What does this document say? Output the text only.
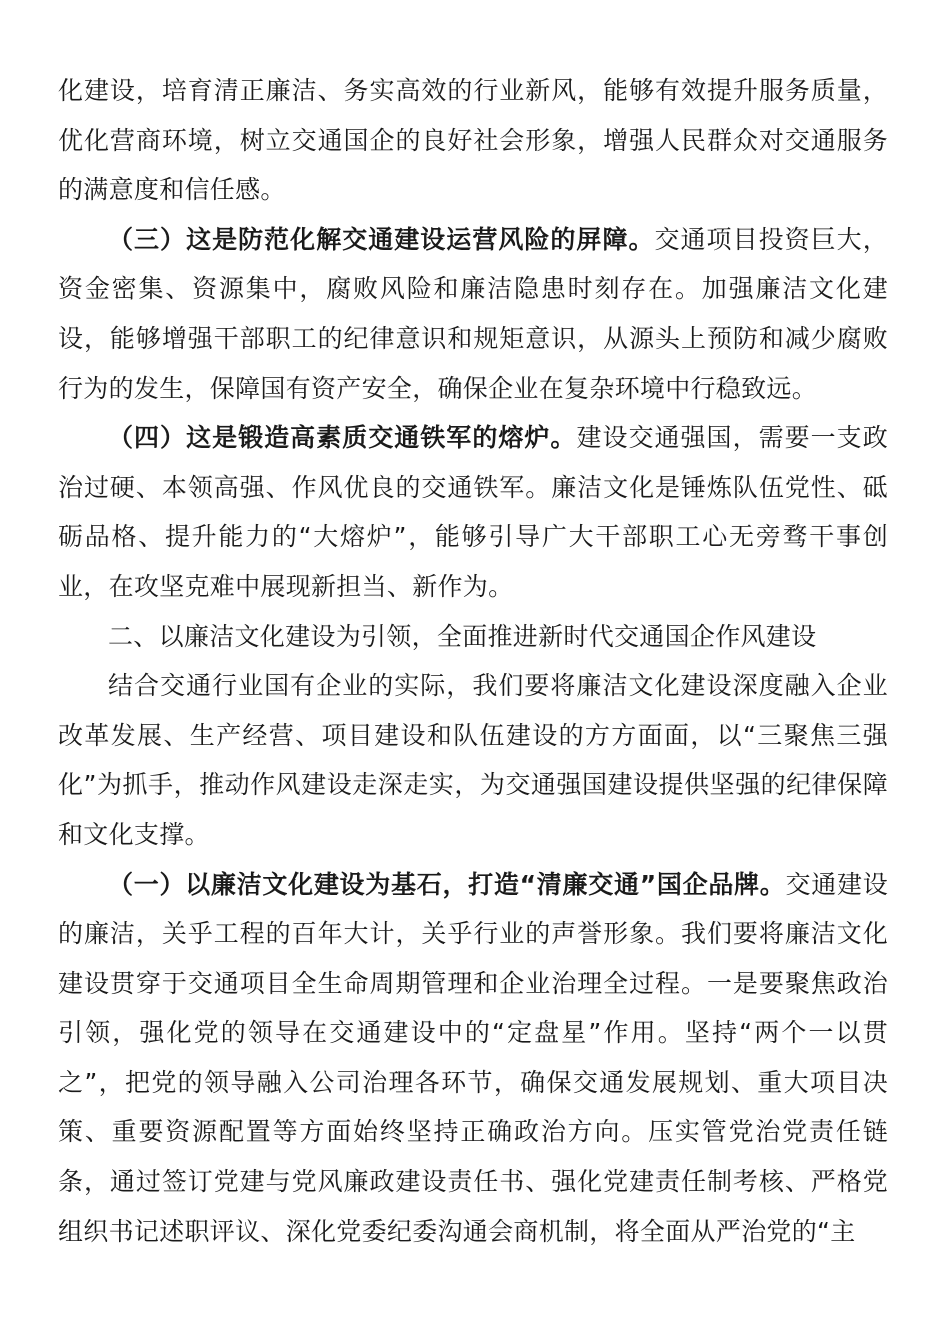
化建设，培育清正廉洁、务实高效的行业新风，能够有效提升服务质量，优化营商环境，树立交通国企的良好社会形象，增强人民群众对交通服务的满意度和信任感。

（三）这是防范化解交通建设运营风险的屏障。交通项目投资巨大，资金密集、资源集中，腐败风险和廉洁隐患时刻存在。加强廉洁文化建设，能够增强干部职工的纪律意识和规矩意识，从源头上预防和减少腐败行为的发生，保障国有资产安全，确保企业在复杂环境中行稳致远。

（四）这是锻造高素质交通铁军的熔炉。建设交通强国，需要一支政治过硬、本领高强、作风优良的交通铁军。廉洁文化是锤炼队伍党性、砥砺品格、提升能力的“大熔炉”，能够引导广大干部职工心无旁骛干事创业，在攻坚克难中展现新担当、新作为。

二、以廉洁文化建设为引领，全面推进新时代交通国企作风建设

结合交通行业国有企业的实际，我们要将廉洁文化建设深度融入企业改革发展、生产经营、项目建设和队伍建设的方方面面，以“三聚焦三强化”为抓手，推动作风建设走深走实，为交通强国建设提供坚强的纪律保障和文化支撑。

（一）以廉洁文化建设为基石，打造“清廉交通”国企品牌。交通建设的廉洁，关乎工程的百年大计，关乎行业的声誉形象。我们要将廉洁文化建设贯穿于交通项目全生命周期管理和企业治理全过程。一是要聚焦政治引领，强化党的领导在交通建设中的“定盘星”作用。坚持“两个一以贯之”，把党的领导融入公司治理各环节，确保交通发展规划、重大项目决策、重要资源配置等方面始终坚持正确政治方向。压实管党治党责任链条，通过签订党建与党风廉政建设责任书、强化党建责任制考核、严格党组织书记述职评议、深化党委纪委沟通会商机制，将全面从严治党的“主
